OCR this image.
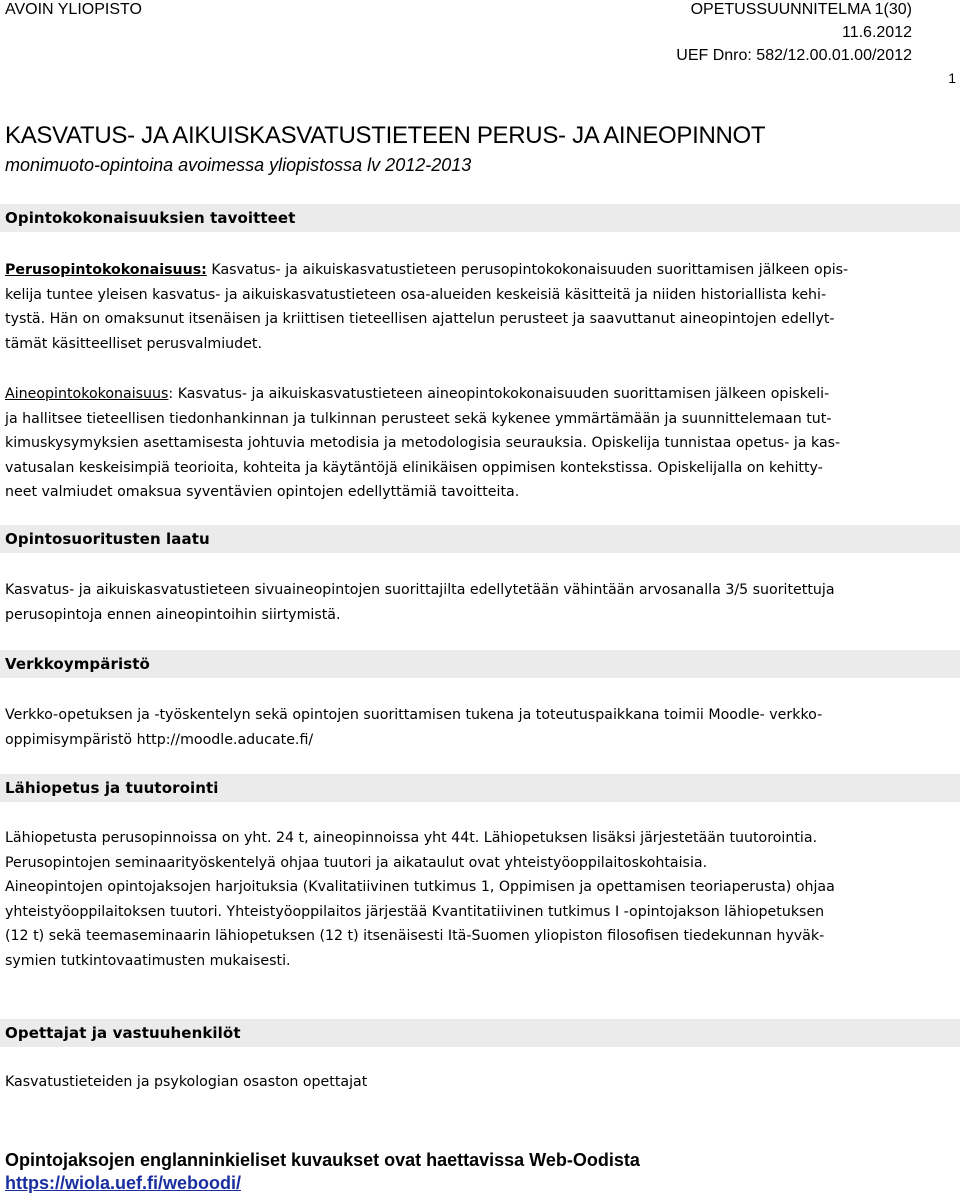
AVOIN YLIOPISTO	OPETUSSUUNNITELMA 1(30)
11.6.2012
UEF Dnro: 582/12.00.01.00/2012
1
KASVATUS- JA AIKUISKASVATUSTIETEEN PERUS- JA AINEOPINNOT
monimuoto-opintoina avoimessa yliopistossa lv 2012-2013
Opintokokonaisuuksien tavoitteet
Perusopintokokonaisuus: Kasvatus- ja aikuiskasvatustieteen perusopintokokonaisuuden suorittamisen jälkeen opis-
kelija tuntee yleisen kasvatus- ja aikuiskasvatustieteen osa-alueiden keskeisiä käsitteitä ja niiden historiallista kehi-
tystä. Hän on omaksunut itsenäisen ja kriittisen tieteellisen ajattelun perusteet ja saavuttanut aineopintojen edellyt-
tämät käsitteelliset perusvalmiudet.
Aineopintokokonaisuus: Kasvatus- ja aikuiskasvatustieteen aineopintokokonaisuuden suorittamisen jälkeen opiskeli-
ja hallitsee tieteellisen tiedonhankinnan ja tulkinnan perusteet sekä kykenee ymmärtämään ja suunnittelemaan tut-
kimuskysymyksien asettamisesta johtuvia metodisia ja metodologisia seurauksia. Opiskelija tunnistaa opetus- ja kas-
vatusalan keskeisimpiä teorioita, kohteita ja käytäntöjä elinikäisen oppimisen kontekstissa. Opiskelijalla on kehitty-
neet valmiudet omaksua syventävien opintojen edellyttämiä tavoitteita.
Opintosuoritusten laatu
Kasvatus- ja aikuiskasvatustieteen sivuaineopintojen suorittajilta edellytetään vähintään arvosanalla 3/5 suoritettuja
perusopintoja ennen aineopintoihin siirtymistä.
Verkkoympäristö
Verkko-opetuksen ja -työskentelyn sekä opintojen suorittamisen tukena ja toteutuspaikkana toimii Moodle- verkko-
oppimisympäristö http://moodle.aducate.fi/
Lähiopetus ja tuutorointi
Lähiopetusta perusopinnoissa on yht. 24 t, aineopinnoissa yht 44t. Lähiopetuksen lisäksi järjestetään tuutorointia.
Perusopintojen seminaarityöskentelyä ohjaa tuutori ja aikataulut ovat yhteistyöoppilaitoskohtaisia.
Aineopintojen opintojaksojen harjoituksia (Kvalitatiivinen tutkimus 1, Oppimisen ja opettamisen teoriaperusta) ohjaa
yhteistyöoppilaitoksen tuutori. Yhteistyöoppilaitos järjestää Kvantitatiivinen tutkimus I -opintojakson lähiopetuksen
(12 t) sekä teemaseminaarin lähiopetuksen (12 t) itsenäisesti Itä-Suomen yliopiston filosofisen tiedekunnan hyväk-
symien tutkintovaatimusten mukaisesti.
Opettajat ja vastuuhenkilöt
Kasvatustieteiden ja psykologian osaston opettajat
Opintojaksojen englanninkieliset kuvaukset ovat haettavissa Web-Oodista
https://wiola.uef.fi/weboodi/
